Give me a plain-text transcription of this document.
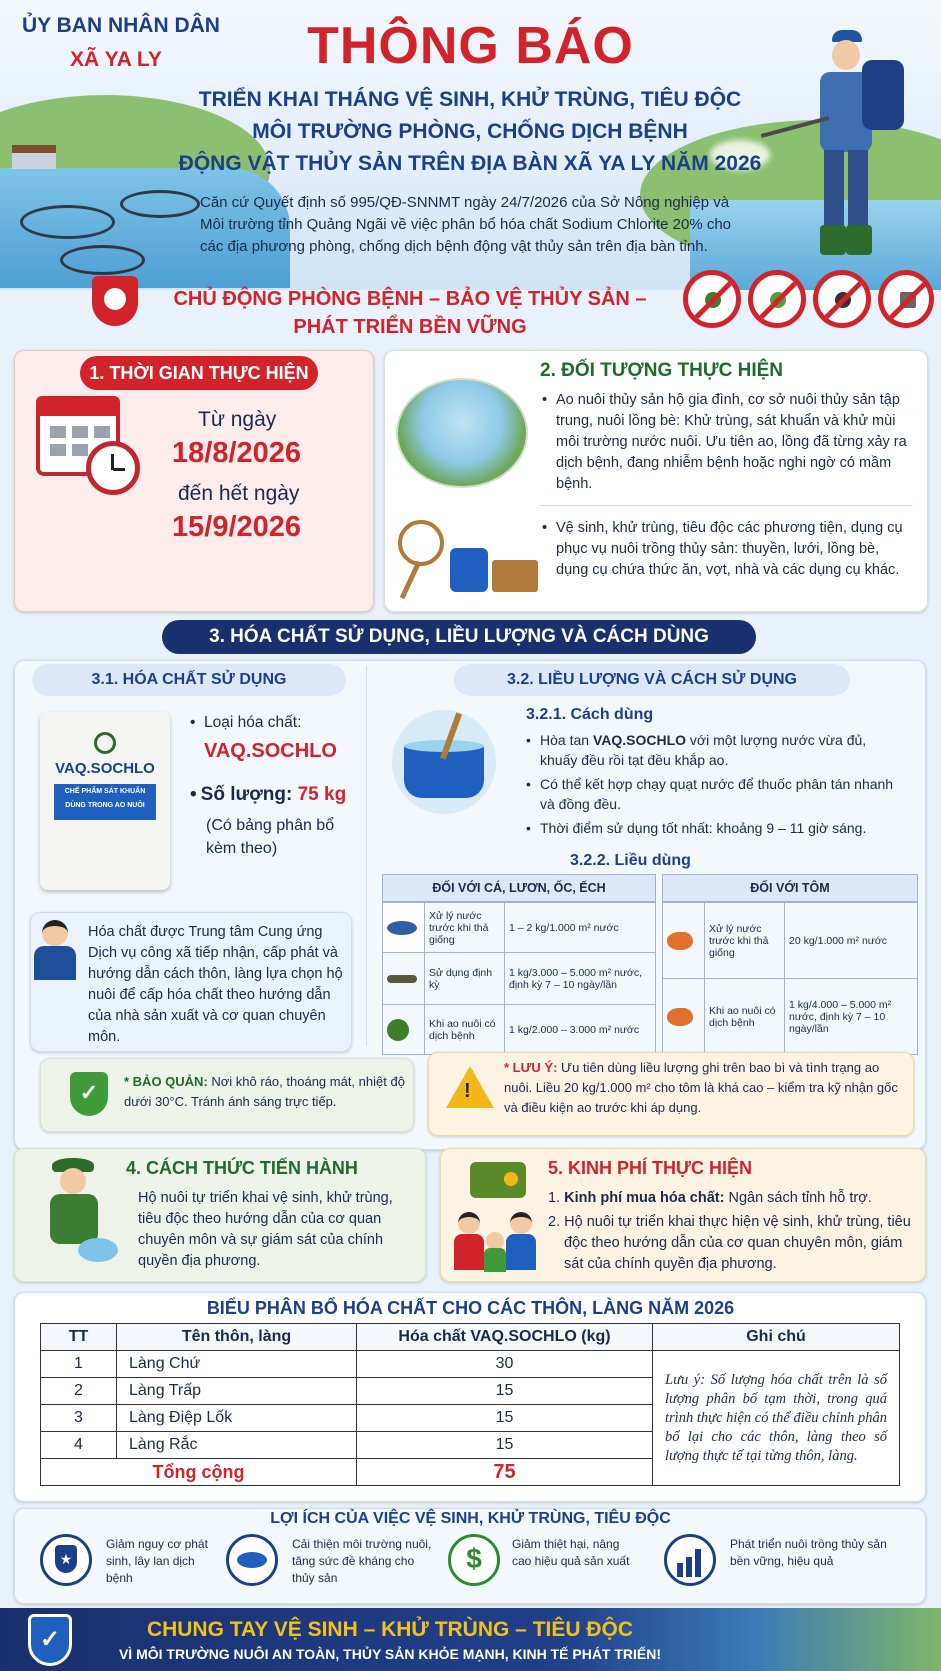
ỦY BAN NHÂN DÂN
XÃ YA LY	THÔNG BÁO
TRIỂN KHAI THÁNG VỆ SINH, KHỬ TRÙNG, TIÊU ĐỘC
MÔI TRƯỜNG PHÒNG, CHỐNG DỊCH BỆNH
ĐỘNG VẬT THỦY SẢN TRÊN ĐỊA BÀN XÃ YA LY NĂM 2026
Căn cứ Quyết định số 995/QĐ-SNNMT ngày 24/7/2026 của Sở Nông nghiệp và Môi trường tỉnh Quảng Ngãi về việc phân bổ hóa chất Sodium Chlorite 20% cho các địa phương phòng, chống dịch bệnh động vật thủy sản trên địa bàn tỉnh.
CHỦ ĐỘNG PHÒNG BỆNH – BẢO VỆ THỦY SẢN –
PHÁT TRIỂN BỀN VỮNG
1. THỜI GIAN THỰC HIỆN
Từ ngày
18/8/2026
đến hết ngày
15/9/2026
2. ĐỐI TƯỢNG THỰC HIỆN
• Ao nuôi thủy sản hộ gia đình, cơ sở nuôi thủy sản tập trung, nuôi lồng bè: Khử trùng, sát khuẩn và khử mùi môi trường nước nuôi. Ưu tiên ao, lồng đã từng xảy ra dịch bệnh, đang nhiễm bệnh hoặc nghi ngờ có mầm bệnh.
• Vệ sinh, khử trùng, tiêu độc các phương tiện, dụng cụ phục vụ nuôi trồng thủy sản: thuyền, lưới, lồng bè, dụng cụ chứa thức ăn, vợt, nhà và các dụng cụ khác.
3. HÓA CHẤT SỬ DỤNG, LIỀU LƯỢNG VÀ CÁCH DÙNG
3.1. HÓA CHẤT SỬ DỤNG
VAQ.SOCHLO
CHẾ PHẨM SÁT KHUẨN
DÙNG TRONG AO NUÔI
• Loại hóa chất:
VAQ.SOCHLO
• Số lượng: 75 kg
(Có bảng phân bổ kèm theo)
Hóa chất được Trung tâm Cung ứng Dịch vụ công xã tiếp nhận, cấp phát và hướng dẫn cách thôn, làng lựa chọn hộ nuôi để cấp hóa chất theo hướng dẫn của nhà sản xuất và cơ quan chuyên môn.
3.2. LIỀU LƯỢNG VÀ CÁCH SỬ DỤNG
3.2.1. Cách dùng
• Hòa tan VAQ.SOCHLO với một lượng nước vừa đủ, khuấy đều rồi tạt đều khắp ao.
• Có thể kết hợp chạy quạt nước để thuốc phân tán nhanh và đồng đều.
• Thời điểm sử dụng tốt nhất: khoảng 9 – 11 giờ sáng.
3.2.2. Liều dùng
ĐỐI VỚI CÁ, LƯƠN, ỐC, ẾCH
	Xử lý nước trước khi thả giống	1 – 2 kg/1.000 m² nước

	Sử dụng định kỳ	1 kg/3.000 – 5.000 m² nước, định kỳ 7 – 10 ngày/lần

	Khi ao nuôi có dịch bệnh	1 kg/2.000 – 3.000 m² nước
ĐỐI VỚI TÔM
	Xử lý nước trước khi thả giống	20 kg/1.000 m² nước

	Khi ao nuôi có dịch bệnh	1 kg/4.000 – 5.000 m² nước, định kỳ 7 – 10 ngày/lần
✓	* BẢO QUẢN: Nơi khô ráo, thoáng mát, nhiệt độ dưới 30°C. Tránh ánh sáng trực tiếp.	!
* LƯU Ý: Ưu tiên dùng liều lượng ghi trên bao bì và tình trạng ao nuôi. Liều 20 kg/1.000 m² cho tôm là khá cao – kiểm tra kỹ nhận gốc và điều kiện ao trước khi áp dụng.
4. CÁCH THỨC TIẾN HÀNH
Hộ nuôi tự triển khai vệ sinh, khử trùng, tiêu độc theo hướng dẫn của cơ quan chuyên môn và sự giám sát của chính quyền địa phương.
5. KINH PHÍ THỰC HIỆN
1. Kinh phí mua hóa chất: Ngân sách tỉnh hỗ trợ.
2. Hộ nuôi tự triển khai thực hiện vệ sinh, khử trùng, tiêu độc theo hướng dẫn của cơ quan chuyên môn, giám sát của chính quyền địa phương.
BIỂU PHÂN BỔ HÓA CHẤT CHO CÁC THÔN, LÀNG NĂM 2026
TT	Tên thôn, làng	Hóa chất VAQ.SOCHLO (kg)	Ghi chú
1	Làng Chứ	30	Lưu ý: Số lượng hóa chất trên là số lượng phân bố tạm thời, trong quá trình thực hiện có thể điều chỉnh phân bổ lại cho các thôn, làng theo số lượng thực tế tại từng thôn, làng.
2	Làng Trấp	15	
3	Làng Điệp Lốk	15	
4	Làng Rắc	15	
Tổng cộng		75	
LỢI ÍCH CỦA VIỆC VỆ SINH, KHỬ TRÙNG, TIÊU ĐỘC
★
Giảm nguy cơ phát sinh, lây lan dịch bệnh
Cải thiện môi trường nuôi, tăng sức đề kháng cho thủy sản
$	Giảm thiệt hại, nâng cao hiệu quả sản xuất
Phát triển nuôi trồng thủy sản bền vững, hiệu quả
✓	CHUNG TAY VỆ SINH – KHỬ TRÙNG – TIÊU ĐỘC
VÌ MÔI TRƯỜNG NUÔI AN TOÀN, THỦY SẢN KHỎE MẠNH, KINH TẾ PHÁT TRIỂN!
